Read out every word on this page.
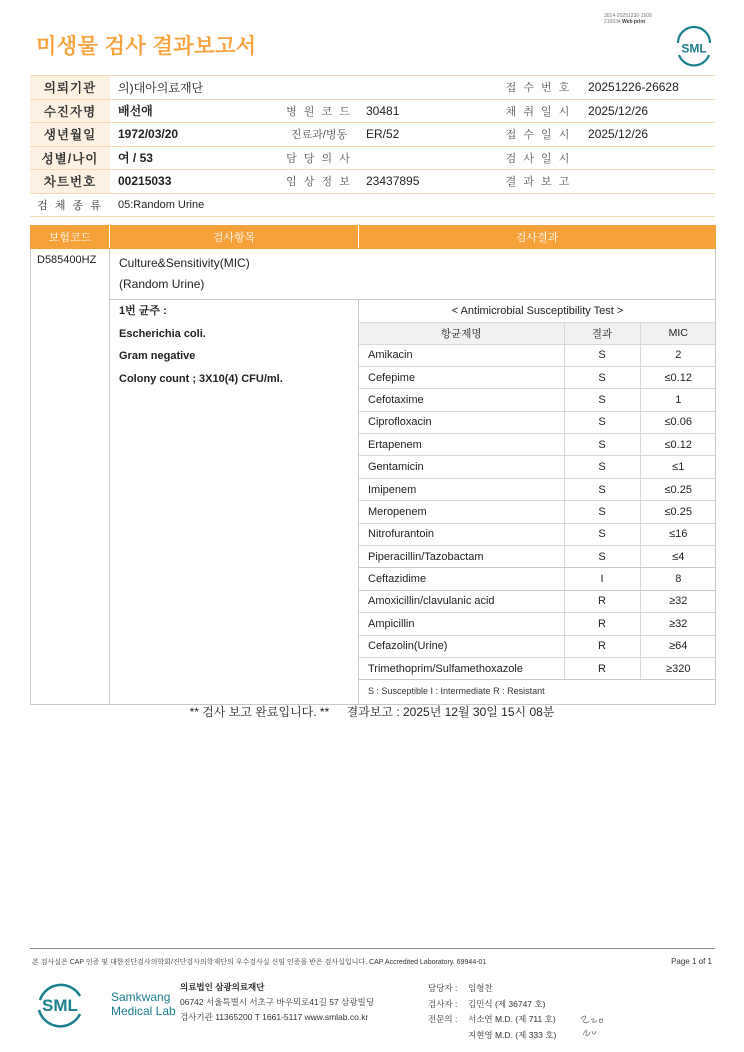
3014-20251230-1509
210034 Web print
미생물 검사 결과보고서	SML
의뢰기관	의)대아의료재단			접 수 번 호	20251226-26628
수진자명	배선애	병 원 코 드	30481	채 취 일 시	2025/12/26
생년월일	1972/03/20	진료과/병동	ER/52	접 수 일 시	2025/12/26
성별/나이	여 / 53	담 당 의 사		검 사 일 시	
차트번호	00215033	임 상 정 보	23437895	결 과 보 고	
검 체 종 류	05:Random Urine				
보험코드	검사항목	검사결과
D585400HZ	Culture&Sensitivity(MIC)
(Random Urine)

1번 균주 :
Escherichia coli.
Gram negative
Colony count ; 3X10(4) CFU/ml.

< Antimicrobial Susceptibility Test >
항균제명	결과	MIC
Amikacin	S	2
Cefepime	S	≤0.12
Cefotaxime	S	1
Ciprofloxacin	S	≤0.06
Ertapenem	S	≤0.12
Gentamicin	S	≤1
Imipenem	S	≤0.25
Meropenem	S	≤0.25
Nitrofurantoin	S	≤16
Piperacillin/Tazobactam	S	≤4
Ceftazidime	I	8
Amoxicillin/clavulanic acid	R	≥32
Ampicillin	R	≥32
Cefazolin(Urine)	R	≥64
Trimethoprim/Sulfamethoxazole	R	≥320
S : Susceptible I : Intermediate R : Resistant
** 검사 보고 완료입니다. ** 결과보고 : 2025년 12월 30일 15시 08분
본 검사실은 CAP 인증 및 대한진단검사의학회/진단검사의학재단의 우수검사실 신임 인증을 받은 검사실입니다. CAP Accredited Laboratory. 69944-01	Page 1 of 1
SML	Samkwang
Medical Lab
의료법인 삼광의료재단
06742 서울특별시 서초구 바우뫼로41길 57 삼광빌딩
검사기관 11365200 T 1661-5117 www.smlab.co.kr
담당자 : 임형찬
검사자 : 김민식 (제 36747 호)
전문의 : 서소연 M.D. (제 711 호)
지현영 M.D. (제 333 호)
